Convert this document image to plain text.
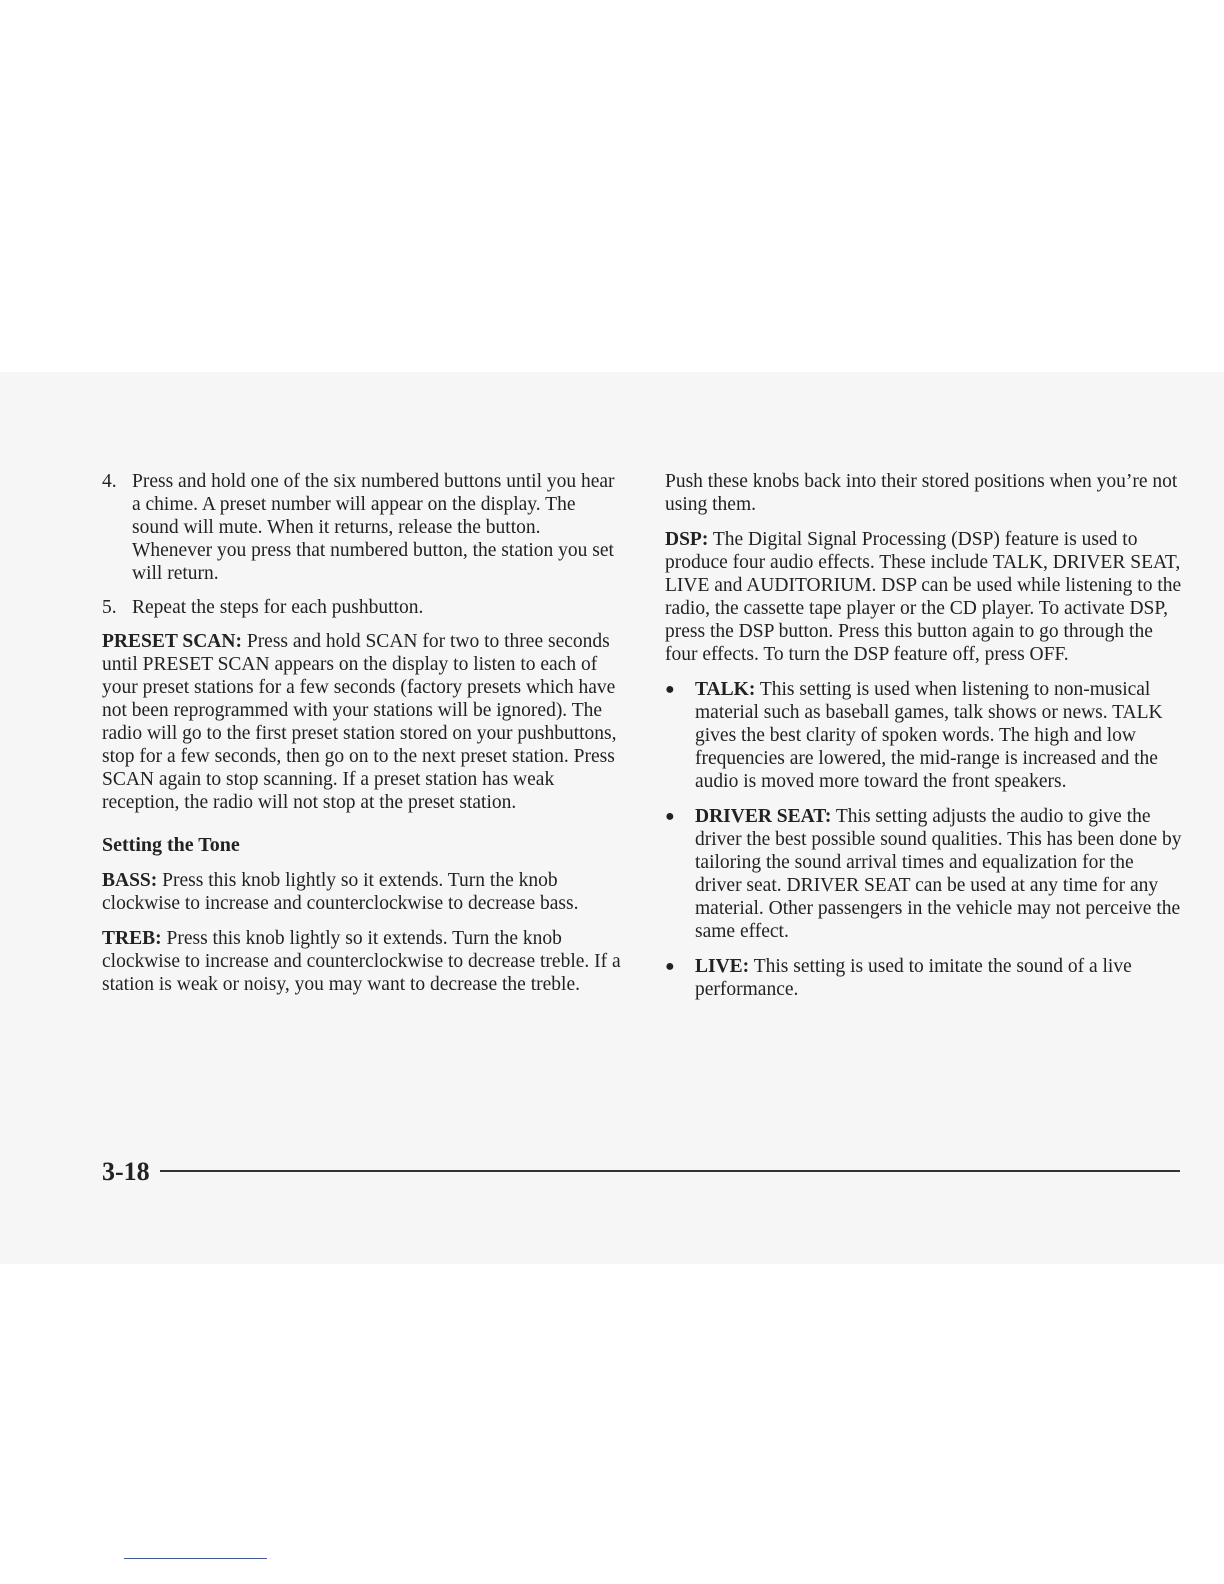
4. Press and hold one of the six numbered buttons until you hear a chime. A preset number will appear on the display. The sound will mute. When it returns, release the button. Whenever you press that numbered button, the station you set will return.
5. Repeat the steps for each pushbutton.

PRESET SCAN: Press and hold SCAN for two to three seconds until PRESET SCAN appears on the display to listen to each of your preset stations for a few seconds (factory presets which have not been reprogrammed with your stations will be ignored). The radio will go to the first preset station stored on your pushbuttons, stop for a few seconds, then go on to the next preset station. Press SCAN again to stop scanning. If a preset station has weak reception, the radio will not stop at the preset station.

Setting the Tone

BASS: Press this knob lightly so it extends. Turn the knob clockwise to increase and counterclockwise to decrease bass.

TREB: Press this knob lightly so it extends. Turn the knob clockwise to increase and counterclockwise to decrease treble. If a station is weak or noisy, you may want to decrease the treble.

Push these knobs back into their stored positions when you’re not using them.

DSP: The Digital Signal Processing (DSP) feature is used to produce four audio effects. These include TALK, DRIVER SEAT, LIVE and AUDITORIUM. DSP can be used while listening to the radio, the cassette tape player or the CD player. To activate DSP, press the DSP button. Press this button again to go through the four effects. To turn the DSP feature off, press OFF.

●	TALK: This setting is used when listening to non-musical material such as baseball games, talk shows or news. TALK gives the best clarity of spoken words. The high and low frequencies are lowered, the mid-range is increased and the audio is moved more toward the front speakers.
●	DRIVER SEAT: This setting adjusts the audio to give the driver the best possible sound qualities. This has been done by tailoring the sound arrival times and equalization for the driver seat. DRIVER SEAT can be used at any time for any material. Other passengers in the vehicle may not perceive the same effect.
●	LIVE: This setting is used to imitate the sound of a live performance.
3-18
